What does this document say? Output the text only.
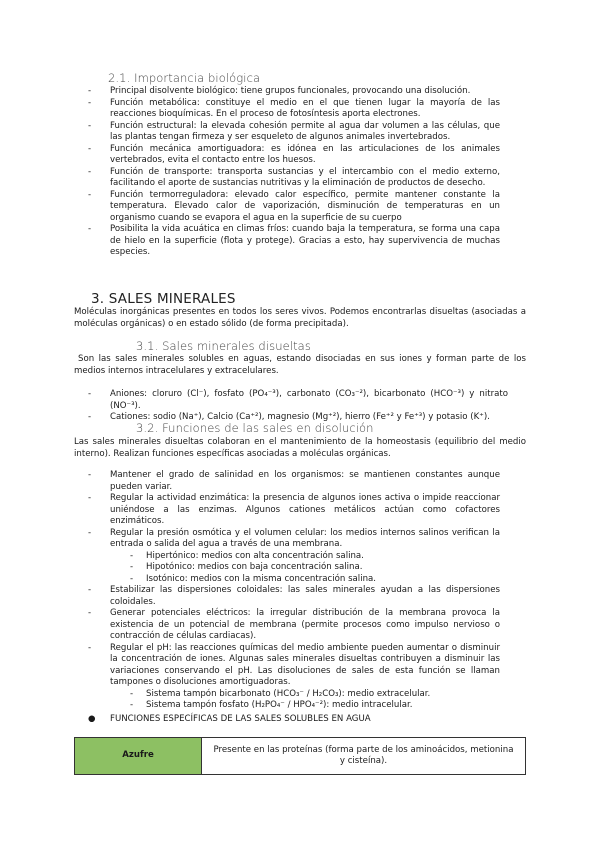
2.1. Importancia biológica
- Principal disolvente biológico: tiene grupos funcionales, provocando una disolución.
- Función metabólica: constituye el medio en el que tienen lugar la mayoría de las reacciones bioquímicas. En el proceso de fotosíntesis aporta electrones.
- Función estructural: la elevada cohesión permite al agua dar volumen a las células, que las plantas tengan firmeza y ser esqueleto de algunos animales invertebrados.
- Función mecánica amortiguadora: es idónea en las articulaciones de los animales vertebrados, evita el contacto entre los huesos.
- Función de transporte: transporta sustancias y el intercambio con el medio externo, facilitando el aporte de sustancias nutritivas y la eliminación de productos de desecho.
- Función termorreguladora: elevado calor específico, permite mantener constante la temperatura. Elevado calor de vaporización, disminución de temperaturas en un organismo cuando se evapora el agua en la superficie de su cuerpo
- Posibilita la vida acuática en climas fríos: cuando baja la temperatura, se forma una capa de hielo en la superficie (flota y protege). Gracias a esto, hay supervivencia de muchas especies.
3. SALES MINERALES
Moléculas inorgánicas presentes en todos los seres vivos. Podemos encontrarlas disueltas (asociadas a moléculas orgánicas) o en estado sólido (de forma precipitada).
3.1. Sales minerales disueltas
Son las sales minerales solubles en aguas, estando disociadas en sus iones y forman parte de los medios internos intracelulares y extracelulares.
- Aniones: cloruro (Cl⁻), fosfato (PO₄⁻³), carbonato (CO₃⁻²), bicarbonato (HCO⁻³) y nitrato (NO⁻³).
- Cationes: sodio (Na⁺), Calcio (Ca⁺²), magnesio (Mg⁺²), hierro (Fe⁺² y Fe⁺³) y potasio (K⁺).
3.2. Funciones de las sales en disolución
Las sales minerales disueltas colaboran en el mantenimiento de la homeostasis (equilibrio del medio interno). Realizan funciones específicas asociadas a moléculas orgánicas.
- Mantener el grado de salinidad en los organismos: se mantienen constantes aunque pueden variar.
- Regular la actividad enzimática: la presencia de algunos iones activa o impide reaccionar uniéndose a las enzimas. Algunos cationes metálicos actúan como cofactores enzimáticos.
- Regular la presión osmótica y el volumen celular: los medios internos salinos verifican la entrada o salida del agua a través de una membrana.
- Hipertónico: medios con alta concentración salina.
- Hipotónico: medios con baja concentración salina.
- Isotónico: medios con la misma concentración salina.
- Estabilizar las dispersiones coloidales: las sales minerales ayudan a las dispersiones coloidales.
- Generar potenciales eléctricos: la irregular distribución de la membrana provoca la existencia de un potencial de membrana (permite procesos como impulso nervioso o contracción de células cardiacas).
- Regular el pH: las reacciones químicas del medio ambiente pueden aumentar o disminuir la concentración de iones. Algunas sales minerales disueltas contribuyen a disminuir las variaciones conservando el pH. Las disoluciones de sales de esta función se llaman tampones o disoluciones amortiguadoras.
- Sistema tampón bicarbonato (HCO₃⁻ / H₂CO₃): medio extracelular.
- Sistema tampón fosfato (H₂PO₄⁻ / HPO₄⁻²): medio intracelular.
● FUNCIONES ESPECÍFICAS DE LAS SALES SOLUBLES EN AGUA
Azufre	Presente en las proteínas (forma parte de los aminoácidos, metionina y cisteína).
